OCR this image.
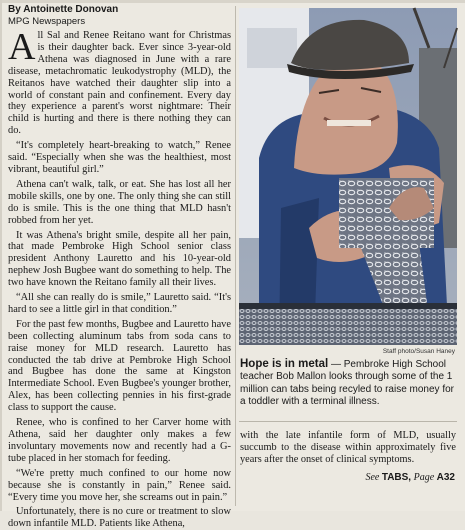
By Antoinette Donovan

MPG Newspapers

All Sal and Renee Reitano want for Christmas is their daughter back. Ever since 3-year-old Athena was diagnosed in June with a rare disease, metachromatic leukodystrophy (MLD), the Reitanos have watched their daughter slip into a world of constant pain and confinement. Every day they experience a parent's worst nightmare: Their child is hurting and there is there nothing they can do.

“It's completely heart-breaking to watch,” Renee said. “Especially when she was the healthiest, most vibrant, beautiful girl.”

Athena can't walk, talk, or eat. She has lost all her mobile skills, one by one. The only thing she can still do is smile. This is the one thing that MLD hasn't robbed from her yet.

It was Athena's bright smile, despite all her pain, that made Pembroke High School senior class president Anthony Lauretto and his 10-year-old nephew Josh Bugbee want do something to help. The two have known the Reitano family all their lives.

“All she can really do is smile,” Lauretto said. “It's hard to see a little girl in that condition.”

For the past few months, Bugbee and Lauretto have been collecting aluminum tabs from soda cans to raise money for MLD research. Lauretto has conducted the tab drive at Pembroke High School and Bugbee has done the same at Kingston Intermediate School. Even Bugbee's younger brother, Alex, has been collecting pennies in his first-grade class to support the cause.

Renee, who is confined to her Carver home with Athena, said her daughter only makes a few involuntary movements now and recently had a G-tube placed in her stomach for feeding.

“We're pretty much confined to our home now because she is constantly in pain,” Renee said. “Every time you move her, she screams out in pain.”

Unfortunately, there is no cure or treatment to slow down infantile MLD. Patients like Athena,

Staff photo/Susan Haney
Hope is in metal — Pembroke High School teacher Bob Mallon looks through some of the 1 million can tabs being recyled to raise money for a toddler with a terminal illness.
with the late infantile form of MLD, usually succumb to the disease within approximately five years after the onset of clinical symptoms.
See TABS, Page A32
